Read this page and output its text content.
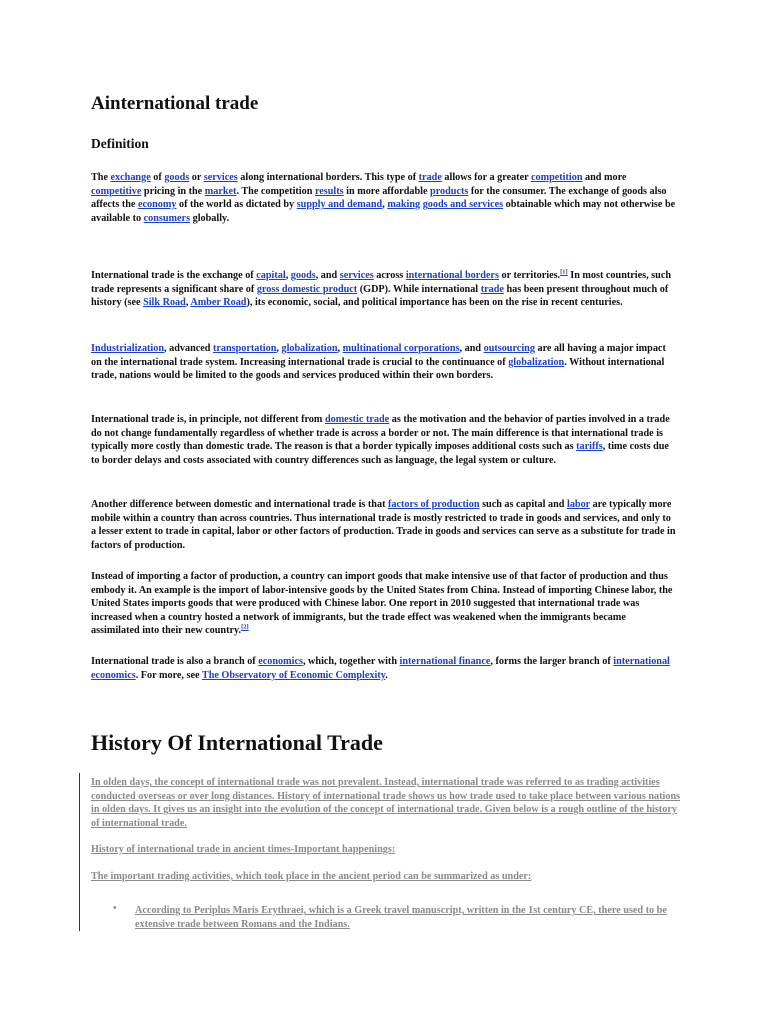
Ainternational trade
Definition

The exchange of goods or services along international borders. This type of trade allows for a greater competition and more competitive pricing in the market. The competition results in more affordable products for the consumer. The exchange of goods also affects the economy of the world as dictated by supply and demand, making goods and services obtainable which may not otherwise be available to consumers globally.

International trade is the exchange of capital, goods, and services across international borders or territories.[1] In most countries, such trade represents a significant share of gross domestic product (GDP). While international trade has been present throughout much of history (see Silk Road, Amber Road), its economic, social, and political importance has been on the rise in recent centuries.

Industrialization, advanced transportation, globalization, multinational corporations, and outsourcing are all having a major impact on the international trade system. Increasing international trade is crucial to the continuance of globalization. Without international trade, nations would be limited to the goods and services produced within their own borders.

International trade is, in principle, not different from domestic trade as the motivation and the behavior of parties involved in a trade do not change fundamentally regardless of whether trade is across a border or not. The main difference is that international trade is typically more costly than domestic trade. The reason is that a border typically imposes additional costs such as tariffs, time costs due to border delays and costs associated with country differences such as language, the legal system or culture.

Another difference between domestic and international trade is that factors of production such as capital and labor are typically more mobile within a country than across countries. Thus international trade is mostly restricted to trade in goods and services, and only to a lesser extent to trade in capital, labor or other factors of production. Trade in goods and services can serve as a substitute for trade in factors of production.

Instead of importing a factor of production, a country can import goods that make intensive use of that factor of production and thus embody it. An example is the import of labor-intensive goods by the United States from China. Instead of importing Chinese labor, the United States imports goods that were produced with Chinese labor. One report in 2010 suggested that international trade was increased when a country hosted a network of immigrants, but the trade effect was weakened when the immigrants became assimilated into their new country.[2]

International trade is also a branch of economics, which, together with international finance, forms the larger branch of international economics. For more, see The Observatory of Economic Complexity.

History Of International Trade

In olden days, the concept of international trade was not prevalent. Instead, international trade was referred to as trading activities conducted overseas or over long distances. History of international trade shows us how trade used to take place between various nations in olden days. It gives us an insight into the evolution of the concept of international trade. Given below is a rough outline of the history of international trade.

History of international trade in ancient times-Important happenings:

The important trading activities, which took place in the ancient period can be summarized as under:

• According to Periplus Maris Erythraei, which is a Greek travel manuscript, written in the 1st century CE, there used to be extensive trade between Romans and the Indians.
